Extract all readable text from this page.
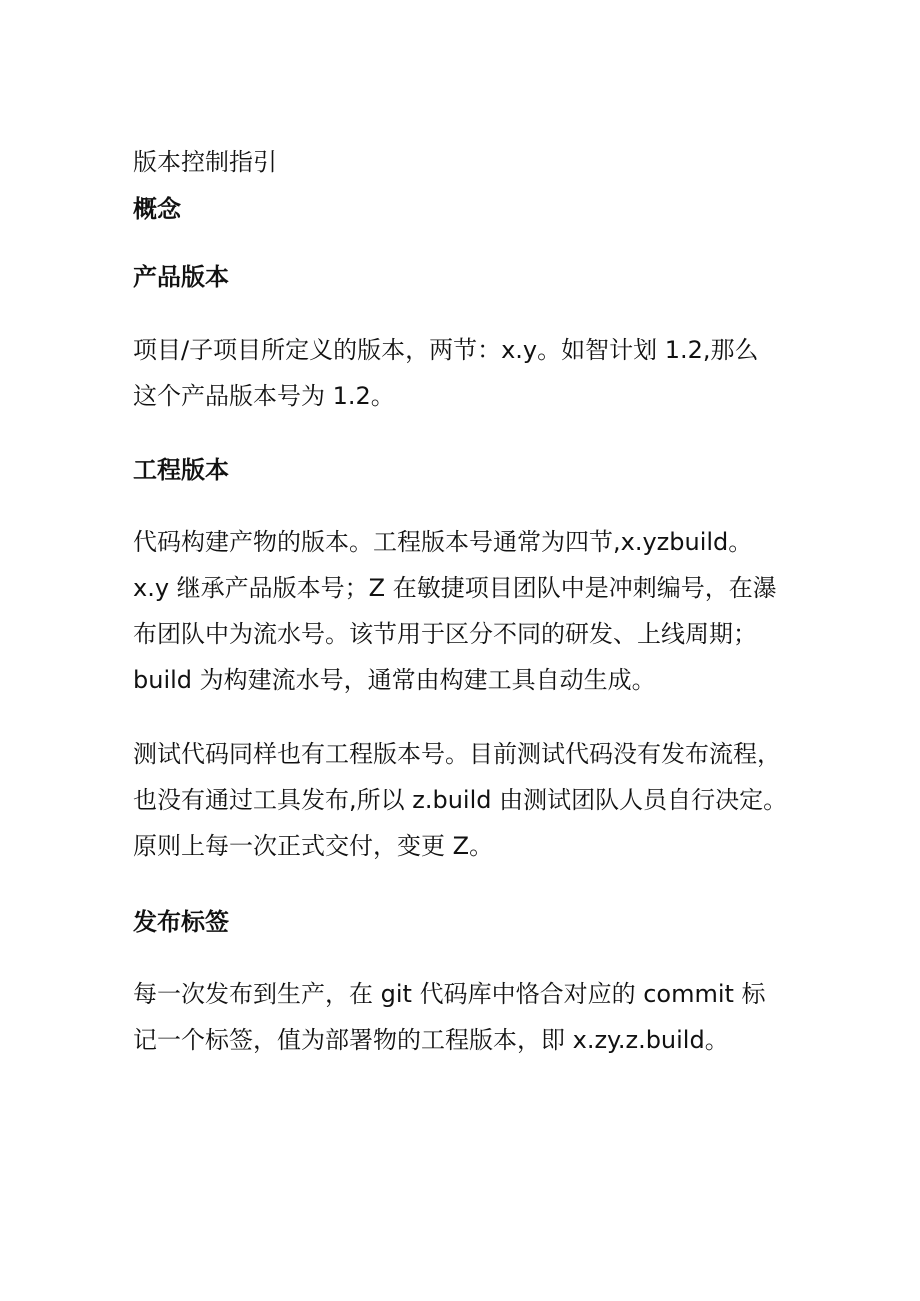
版本控制指引
概念
产品版本
项目/子项目所定义的版本，两节：x.y。如智计划 1.2,那么
这个产品版本号为 1.2。
工程版本
代码构建产物的版本。工程版本号通常为四节,x.yzbuild。
x.y 继承产品版本号；Z 在敏捷项目团队中是冲刺编号，在瀑
布团队中为流水号。该节用于区分不同的研发、上线周期；
build 为构建流水号，通常由构建工具自动生成。
测试代码同样也有工程版本号。目前测试代码没有发布流程，
也没有通过工具发布,所以 z.build 由测试团队人员自行决定。
原则上每一次正式交付，变更 Z。
发布标签
每一次发布到生产，在 git 代码库中恪合对应的 commit 标
记一个标签，值为部署物的工程版本，即 x.zy.z.build。
